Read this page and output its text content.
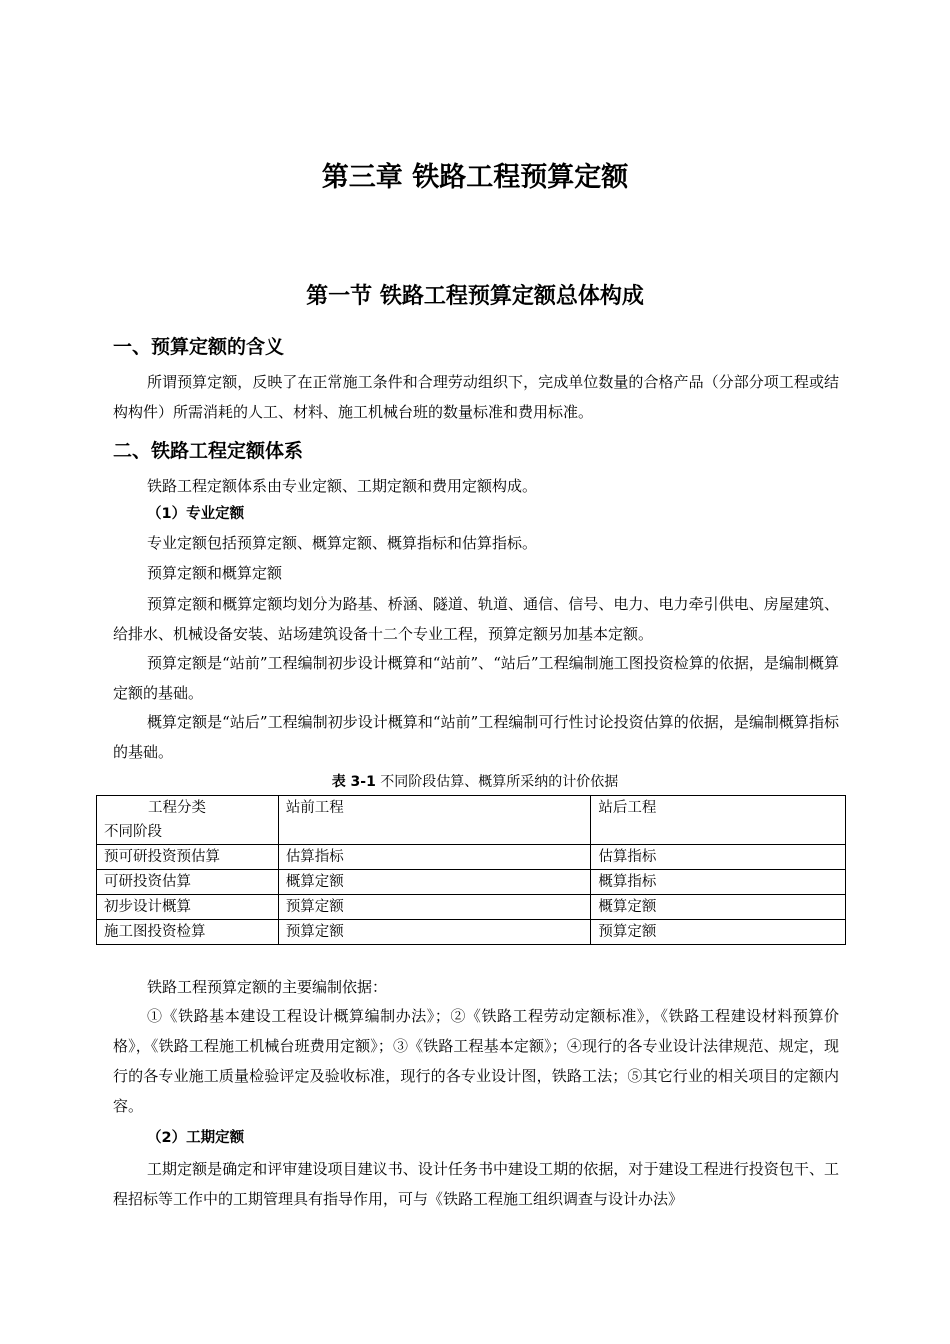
第三章 铁路工程预算定额
第一节 铁路工程预算定额总体构成
一、预算定额的含义

所谓预算定额，反映了在正常施工条件和合理劳动组织下，完成单位数量的合格产品（分部分项工程或结构构件）所需消耗的人工、材料、施工机械台班的数量标准和费用标准。

二、铁路工程定额体系

铁路工程定额体系由专业定额、工期定额和费用定额构成。

（1）专业定额

专业定额包括预算定额、概算定额、概算指标和估算指标。

预算定额和概算定额

预算定额和概算定额均划分为路基、桥涵、隧道、轨道、通信、信号、电力、电力牵引供电、房屋建筑、给排水、机械设备安装、站场建筑设备十二个专业工程，预算定额另加基本定额。

预算定额是“站前”工程编制初步设计概算和“站前”、“站后”工程编制施工图投资检算的依据，是编制概算定额的基础。

概算定额是“站后”工程编制初步设计概算和“站前”工程编制可行性讨论投资估算的依据，是编制概算指标的基础。

表 3-1 不同阶段估算、概算所采纳的计价依据

工程分类
不同阶段	站前工程	站后工程
预可研投资预估算	估算指标	估算指标
可研投资估算	概算定额	概算指标
初步设计概算	预算定额	概算定额
施工图投资检算	预算定额	预算定额

铁路工程预算定额的主要编制依据：

①《铁路基本建设工程设计概算编制办法》；②《铁路工程劳动定额标准》，《铁路工程建设材料预算价格》，《铁路工程施工机械台班费用定额》；③《铁路工程基本定额》；④现行的各专业设计法律规范、规定，现行的各专业施工质量检验评定及验收标准，现行的各专业设计图，铁路工法；⑤其它行业的相关项目的定额内容。

（2）工期定额

工期定额是确定和评审建设项目建议书、设计任务书中建设工期的依据，对于建设工程进行投资包干、工程招标等工作中的工期管理具有指导作用，可与《铁路工程施工组织调查与设计办法》
